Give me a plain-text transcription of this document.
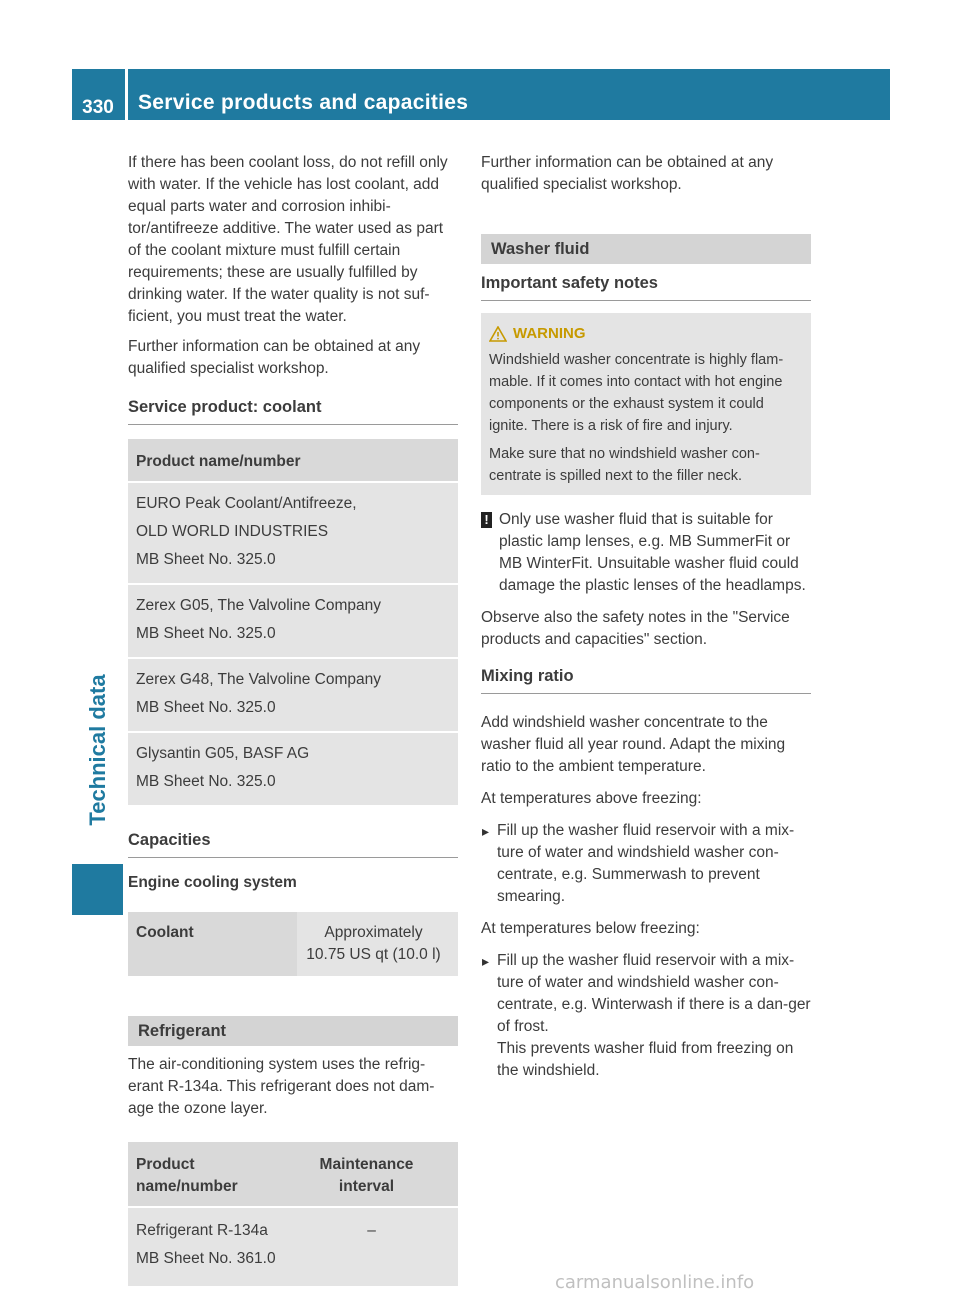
330 Service products and capacities
Technical data

If there has been coolant loss, do not refill only with water. If the vehicle has lost coolant, add equal parts water and corrosion inhibi-tor/antifreeze additive. The water used as part of the coolant mixture must fulfill certain requirements; these are usually fulfilled by drinking water. If the water quality is not suf-ficient, you must treat the water.

Further information can be obtained at any qualified specialist workshop.

Service product: coolant
Product name/number
EURO Peak Coolant/Antifreeze,
OLD WORLD INDUSTRIES
MB Sheet No. 325.0
Zerex G05, The Valvoline Company
MB Sheet No. 325.0
Zerex G48, The Valvoline Company
MB Sheet No. 325.0
Glysantin G05, BASF AG
MB Sheet No. 325.0
Capacities
Engine cooling system
Coolant	Approximately
10.75 US qt (10.0 l)
Refrigerant

The air-conditioning system uses the refrig-erant R-134a. This refrigerant does not dam-age the ozone layer.

Product name/number
Maintenance interval
Refrigerant R-134a
MB Sheet No. 361.0
–

Further information can be obtained at any qualified specialist workshop.

Washer fluid
Important safety notes
WARNING

Windshield washer concentrate is highly flam-mable. If it comes into contact with hot engine components or the exhaust system it could ignite. There is a risk of fire and injury.

Make sure that no windshield washer con-centrate is spilled next to the filler neck.

! Only use washer fluid that is suitable for plastic lamp lenses, e.g. MB SummerFit or MB WinterFit. Unsuitable washer fluid could damage the plastic lenses of the headlamps.

Observe also the safety notes in the "Service products and capacities" section.

Mixing ratio

Add windshield washer concentrate to the washer fluid all year round. Adapt the mixing ratio to the ambient temperature.

At temperatures above freezing:

▸ Fill up the washer fluid reservoir with a mix-ture of water and windshield washer con-centrate, e.g. Summerwash to prevent smearing.

At temperatures below freezing:

▸ Fill up the washer fluid reservoir with a mix-ture of water and windshield washer con-centrate, e.g. Winterwash if there is a dan-ger of frost.
This prevents washer fluid from freezing on the windshield.
carmanualsonline.info
